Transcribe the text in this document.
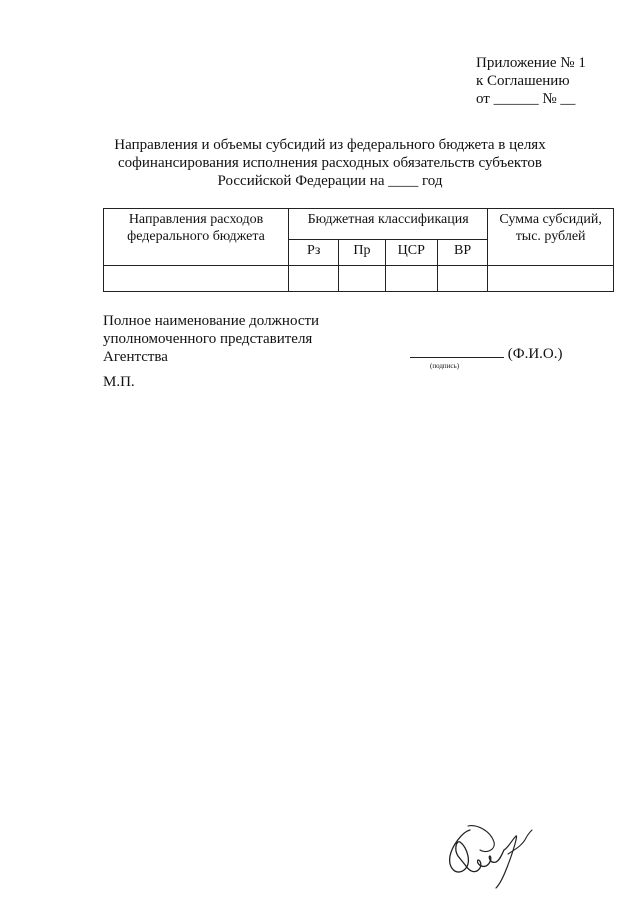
Приложение № 1
к Соглашению
от ______ № __
Направления и объемы субсидий из федерального бюджета в целях
софинансирования исполнения расходных обязательств субъектов
Российской Федерации на ____ год
Направления расходов федерального бюджета	Бюджетная классификация				Сумма субсидий, тыс. рублей
	Рз	Пр	ЦСР	ВР	

Полное наименование должности
уполномоченного представителя
Агентства	(Ф.И.О.)
(подпись)
М.П.
